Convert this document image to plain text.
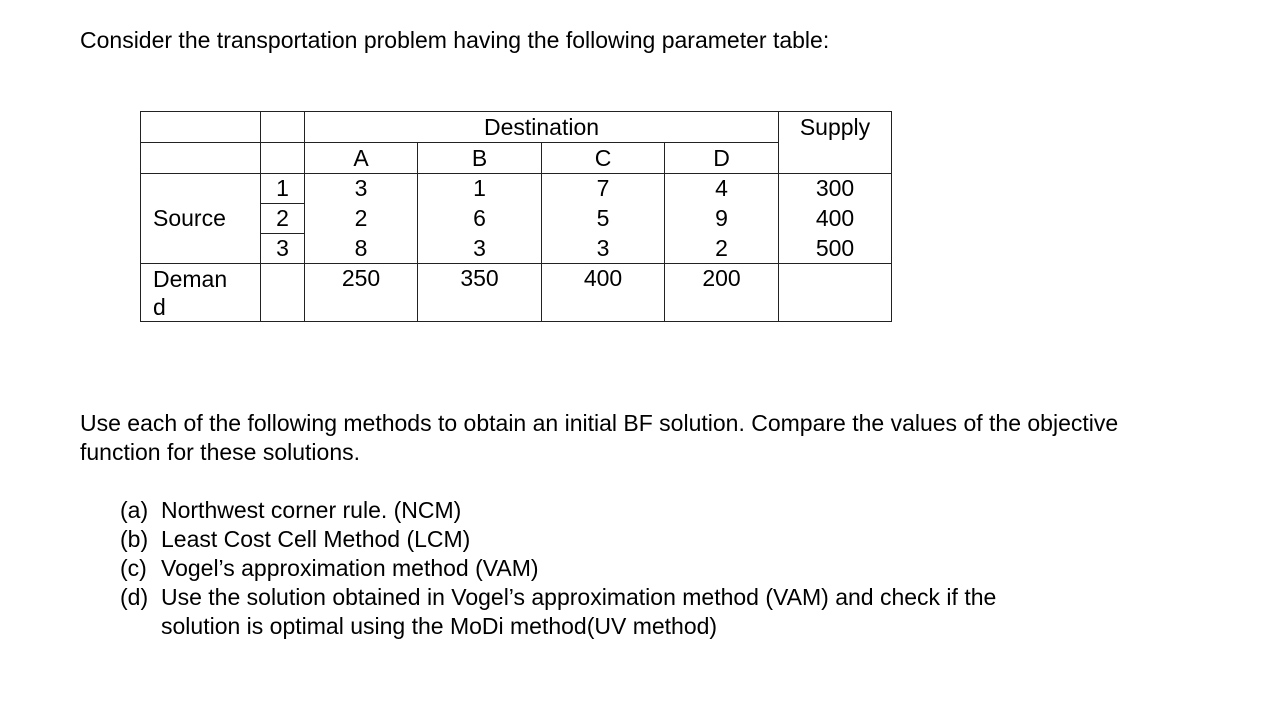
Consider the transportation problem having the following parameter table:

		Destination				Supply
		A	B	C	D	
	1	3	1	7	4	300
Source	2	2	6	5	9	400
	3	8	3	3	2	500
Deman
d		250	350	400	200	

Use each of the following methods to obtain an initial BF solution. Compare the values of the objective function for these solutions.

(a) Northwest corner rule. (NCM)
(b) Least Cost Cell Method (LCM)
(c) Vogel’s approximation method (VAM)
(d) Use the solution obtained in Vogel’s approximation method (VAM) and check if the
solution is optimal using the MoDi method(UV method)
